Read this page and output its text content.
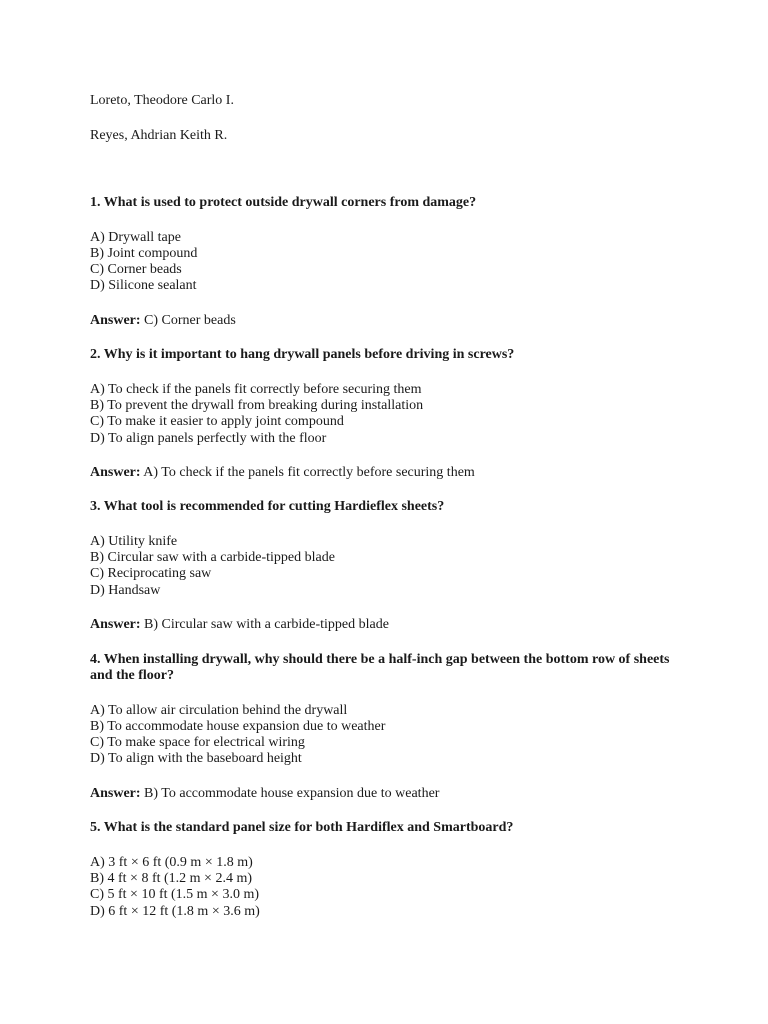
Loreto, Theodore Carlo I.
Reyes, Ahdrian Keith R.
1. What is used to protect outside drywall corners from damage?
A) Drywall tape
B) Joint compound
C) Corner beads
D) Silicone sealant
Answer: C) Corner beads
2. Why is it important to hang drywall panels before driving in screws?
A) To check if the panels fit correctly before securing them
B) To prevent the drywall from breaking during installation
C) To make it easier to apply joint compound
D) To align panels perfectly with the floor
Answer: A) To check if the panels fit correctly before securing them
3. What tool is recommended for cutting Hardieflex sheets?
A) Utility knife
B) Circular saw with a carbide-tipped blade
C) Reciprocating saw
D) Handsaw
Answer: B) Circular saw with a carbide-tipped blade
4. When installing drywall, why should there be a half-inch gap between the bottom row of sheets and the floor?
A) To allow air circulation behind the drywall
B) To accommodate house expansion due to weather
C) To make space for electrical wiring
D) To align with the baseboard height
Answer: B) To accommodate house expansion due to weather
5. What is the standard panel size for both Hardiflex and Smartboard?
A) 3 ft × 6 ft (0.9 m × 1.8 m)
B) 4 ft × 8 ft (1.2 m × 2.4 m)
C) 5 ft × 10 ft (1.5 m × 3.0 m)
D) 6 ft × 12 ft (1.8 m × 3.6 m)
